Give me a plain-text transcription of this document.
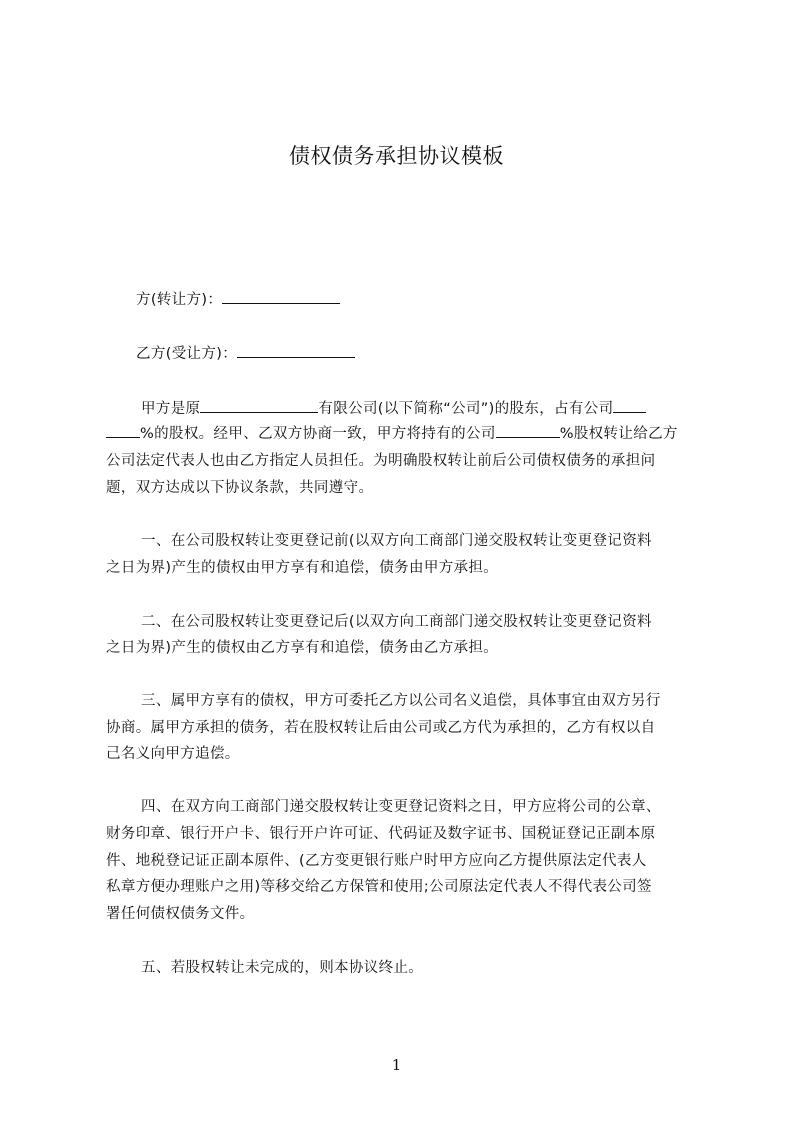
债权债务承担协议模板
方(转让方)：
乙方(受让方)：
甲方是原	有限公司(以下简称“公司”)的股东，占有公司
%的股权。经甲、乙双方协商一致，甲方将持有的公司	%股权转让给乙方
公司法定代表人也由乙方指定人员担任。为明确股权转让前后公司债权债务的承担问
题，双方达成以下协议条款，共同遵守。
一、在公司股权转让变更登记前(以双方向工商部门递交股权转让变更登记资料
之日为界)产生的债权由甲方享有和追偿，债务由甲方承担。
二、在公司股权转让变更登记后(以双方向工商部门递交股权转让变更登记资料
之日为界)产生的债权由乙方享有和追偿，债务由乙方承担。
三、属甲方享有的债权，甲方可委托乙方以公司名义追偿，具体事宜由双方另行
协商。属甲方承担的债务，若在股权转让后由公司或乙方代为承担的，乙方有权以自
己名义向甲方追偿。
四、在双方向工商部门递交股权转让变更登记资料之日，甲方应将公司的公章、
财务印章、银行开户卡、银行开户许可证、代码证及数字证书、国税证登记正副本原
件、地税登记证正副本原件、(乙方变更银行账户时甲方应向乙方提供原法定代表人
私章方便办理账户之用)等移交给乙方保管和使用;公司原法定代表人不得代表公司签
署任何债权债务文件。
五、若股权转让未完成的，则本协议终止。
1
